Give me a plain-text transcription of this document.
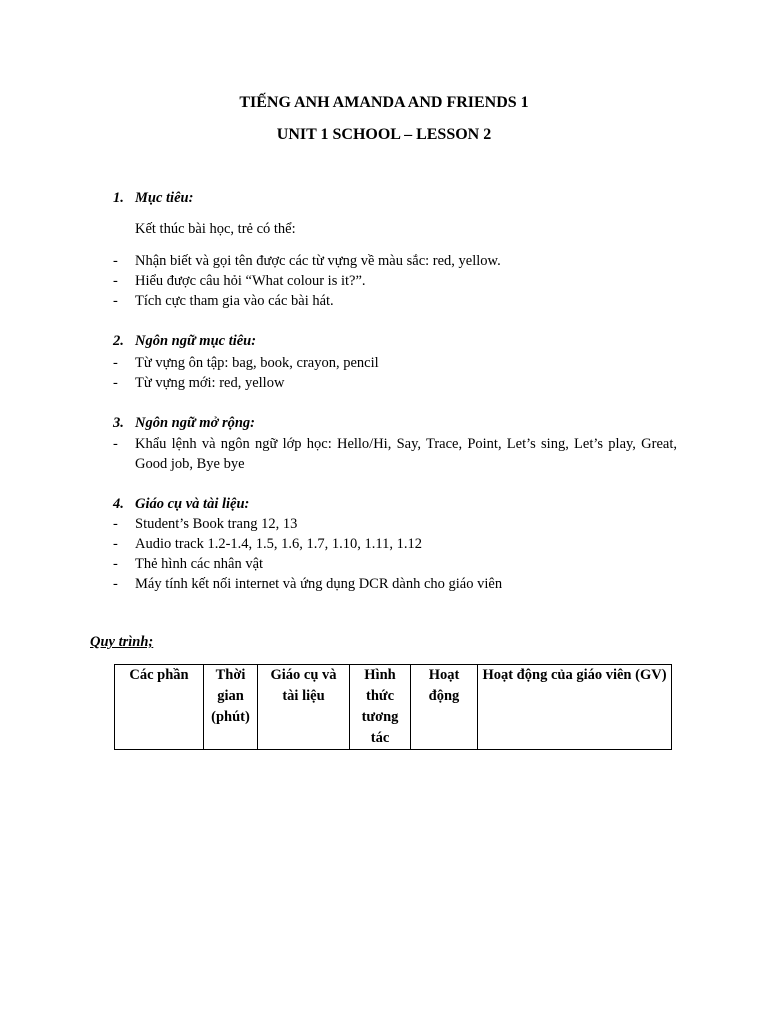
TIẾNG ANH AMANDA AND FRIENDS 1
UNIT 1 SCHOOL – LESSON 2
1. Mục tiêu:
Kết thúc bài học, trẻ có thể:
- Nhận biết và gọi tên được các từ vựng về màu sắc: red, yellow.
- Hiểu được câu hỏi “What colour is it?”.
- Tích cực tham gia vào các bài hát.
2. Ngôn ngữ mục tiêu:
- Từ vựng ôn tập: bag, book, crayon, pencil
- Từ vựng mới: red, yellow
3. Ngôn ngữ mở rộng:
- Khẩu lệnh và ngôn ngữ lớp học: Hello/Hi, Say, Trace, Point, Let’s sing, Let’s play, Great, Good job, Bye bye
4. Giáo cụ và tài liệu:
- Student’s Book trang 12, 13
- Audio track 1.2-1.4, 1.5, 1.6, 1.7, 1.10, 1.11, 1.12
- Thẻ hình các nhân vật
- Máy tính kết nối internet và ứng dụng DCR dành cho giáo viên
Quy trình;
Các phần	Thời gian (phút)	Giáo cụ và tài liệu	Hình thức tương tác	Hoạt động	Hoạt động của giáo viên (GV)
